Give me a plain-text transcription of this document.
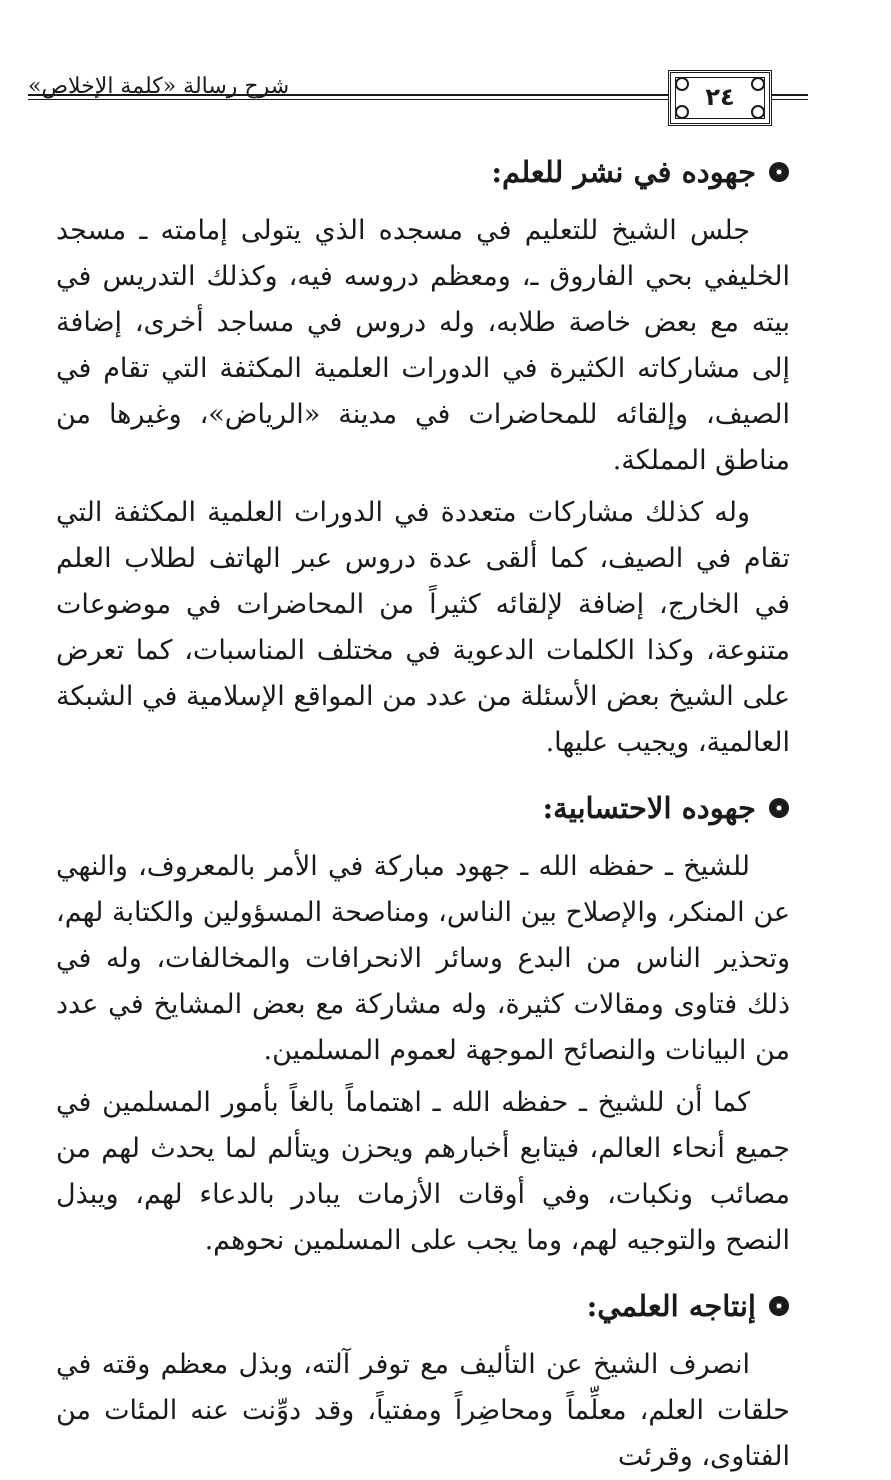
شرح رسالة «كلمة الإخلاص»	٢٤
جهوده في نشر للعلم:

جلس الشيخ للتعليم في مسجده الذي يتولى إمامته ـ مسجد الخليفي بحي الفاروق ـ، ومعظم دروسه فيه، وكذلك التدريس في بيته مع بعض خاصة طلابه، وله دروس في مساجد أخرى، إضافة إلى مشاركاته الكثيرة في الدورات العلمية المكثفة التي تقام في الصيف، وإلقائه للمحاضرات في مدينة «الرياض»، وغيرها من مناطق المملكة.

وله كذلك مشاركات متعددة في الدورات العلمية المكثفة التي تقام في الصيف، كما ألقى عدة دروس عبر الهاتف لطلاب العلم في الخارج، إضافة لإلقائه كثيراً من المحاضرات في موضوعات متنوعة، وكذا الكلمات الدعوية في مختلف المناسبات، كما تعرض على الشيخ بعض الأسئلة من عدد من المواقع الإسلامية في الشبكة العالمية، ويجيب عليها.

جهوده الاحتسابية:

للشيخ ـ حفظه الله ـ جهود مباركة في الأمر بالمعروف، والنهي عن المنكر، والإصلاح بين الناس، ومناصحة المسؤولين والكتابة لهم، وتحذير الناس من البدع وسائر الانحرافات والمخالفات، وله في ذلك فتاوى ومقالات كثيرة، وله مشاركة مع بعض المشايخ في عدد من البيانات والنصائح الموجهة لعموم المسلمين.

كما أن للشيخ ـ حفظه الله ـ اهتماماً بالغاً بأمور المسلمين في جميع أنحاء العالم، فيتابع أخبارهم ويحزن ويتألم لما يحدث لهم من مصائب ونكبات، وفي أوقات الأزمات يبادر بالدعاء لهم، ويبذل النصح والتوجيه لهم، وما يجب على المسلمين نحوهم.

إنتاجه العلمي:

انصرف الشيخ عن التأليف مع توفر آلته، وبذل معظم وقته في حلقات العلم، معلِّماً ومحاضِراً ومفتياً، وقد دوِّنت عنه المئات من الفتاوى، وقرئت
